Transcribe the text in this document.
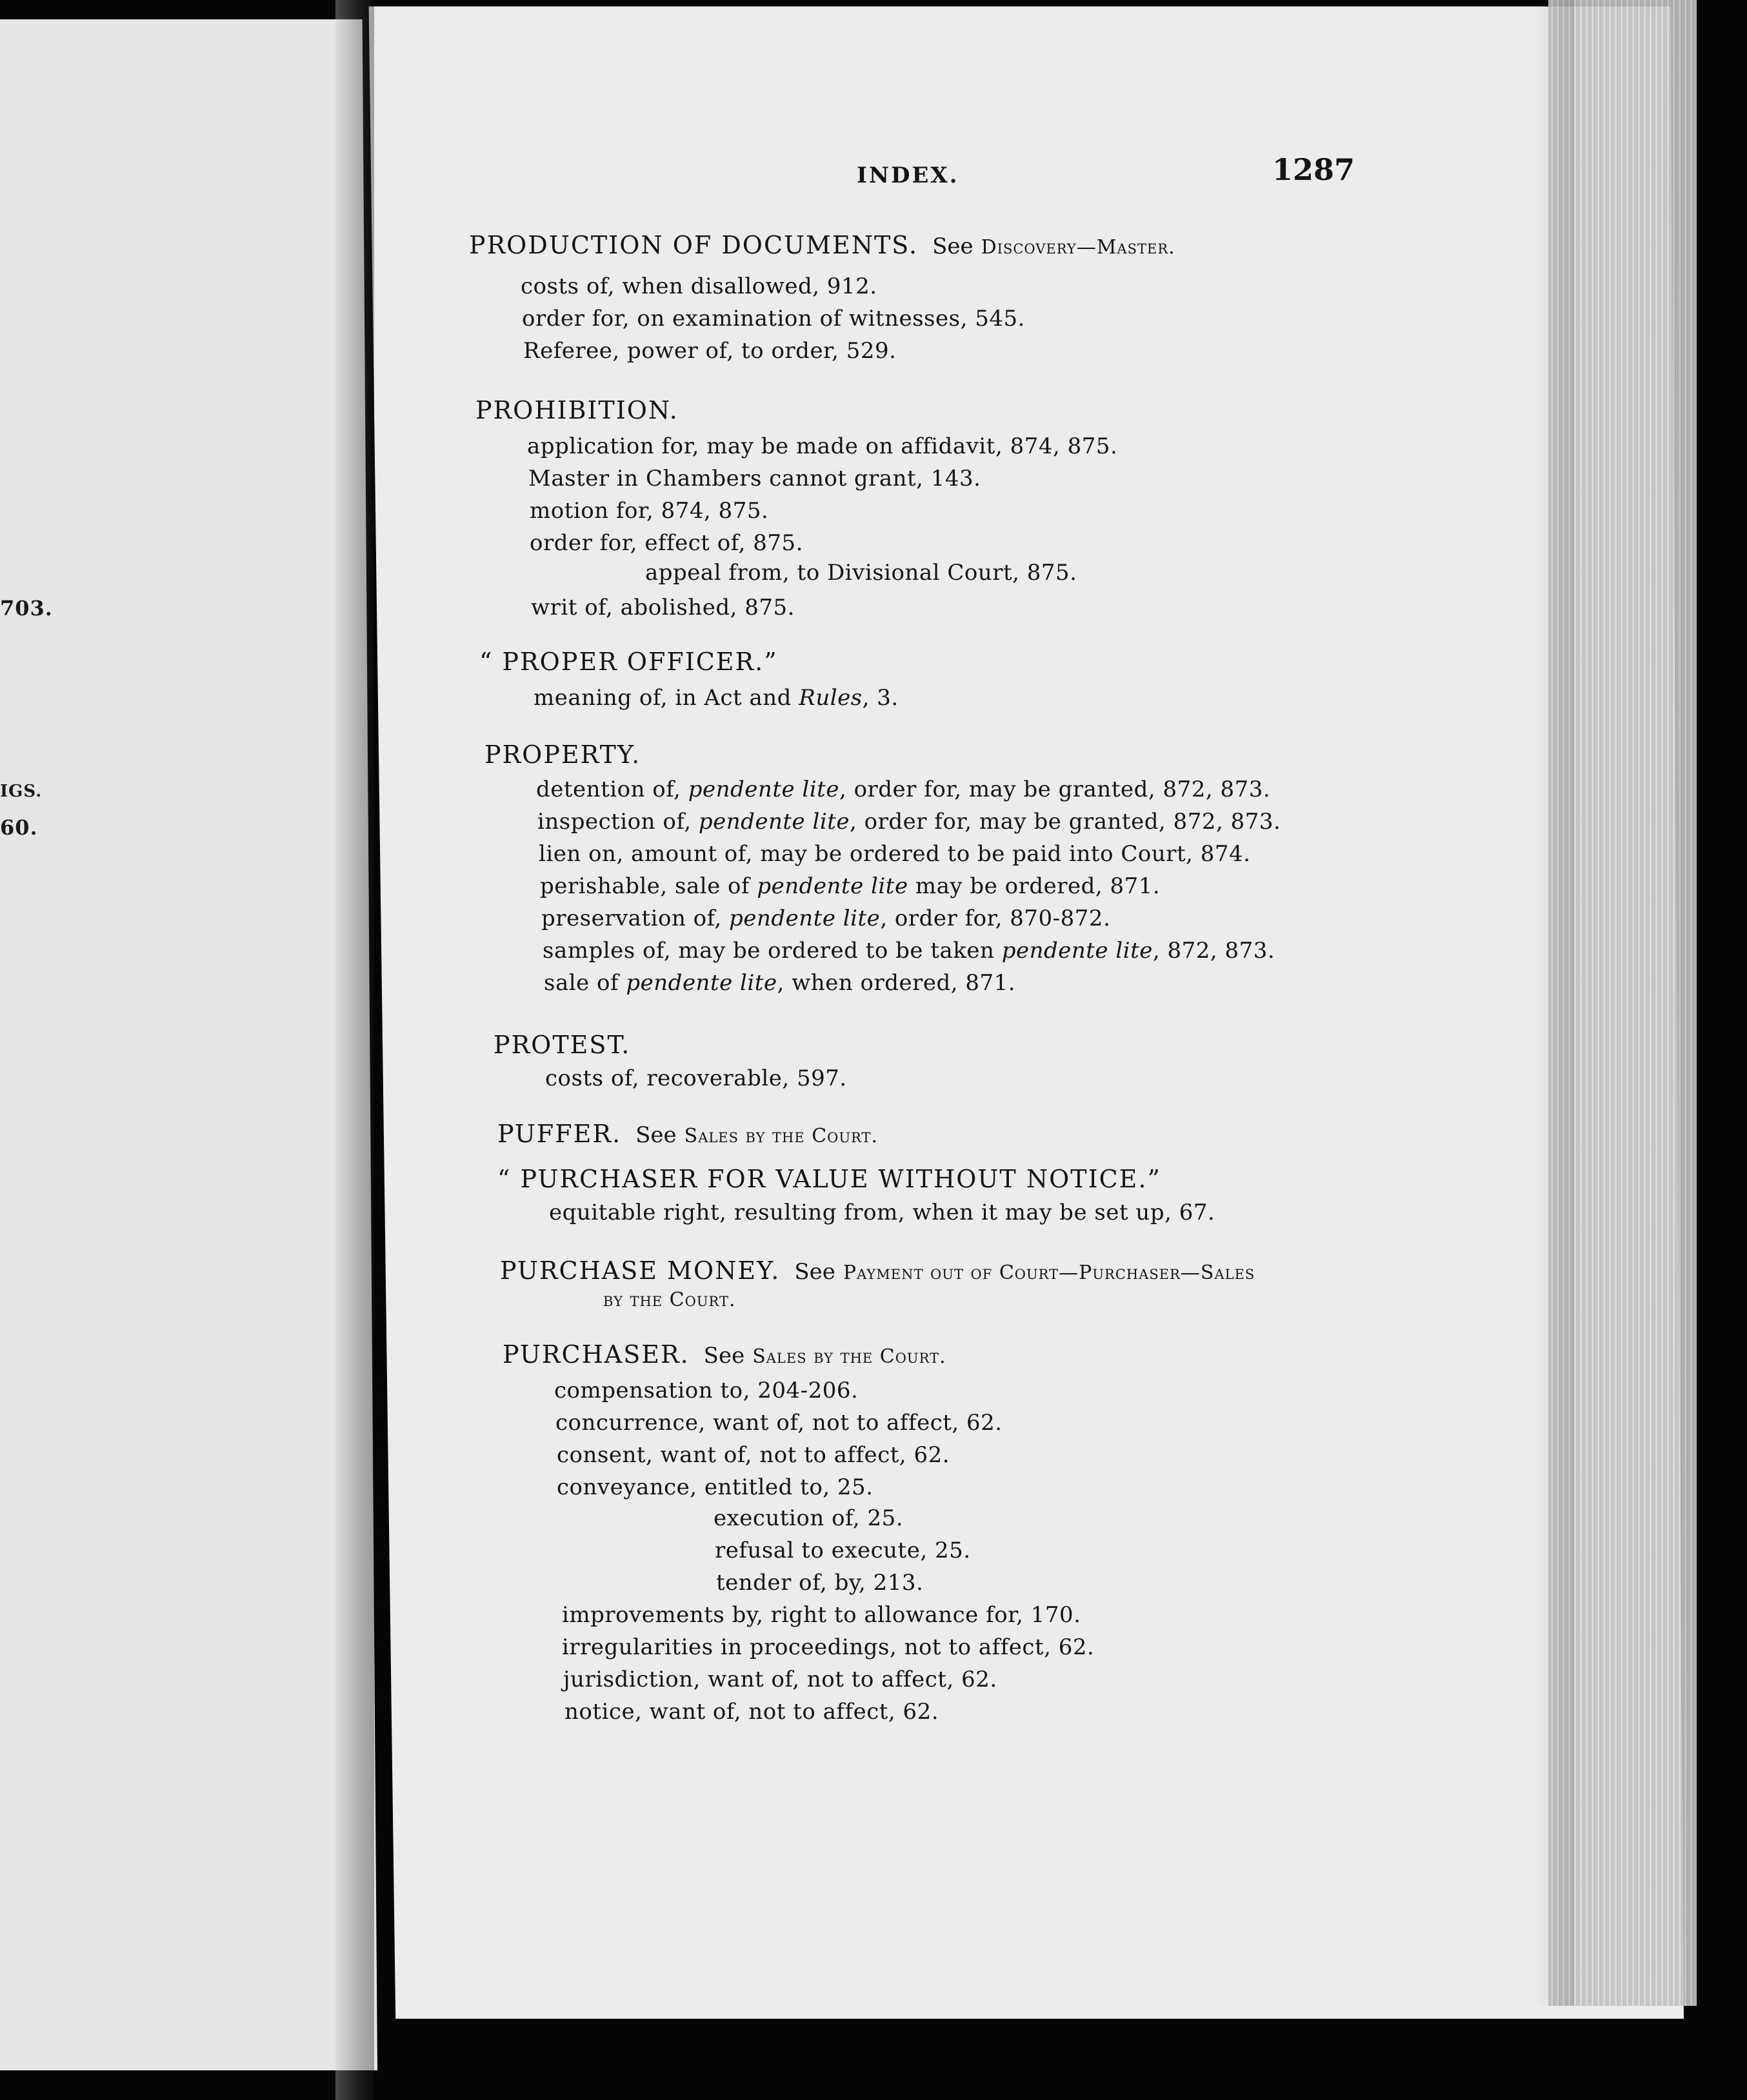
703.
IGS.
60.
INDEX.	1287
PRODUCTION OF DOCUMENTS. See Discovery—Master.
costs of, when disallowed, 912.
order for, on examination of witnesses, 545.
Referee, power of, to order, 529.
PROHIBITION.
application for, may be made on affidavit, 874, 875.
Master in Chambers cannot grant, 143.
motion for, 874, 875.
order for, effect of, 875.
appeal from, to Divisional Court, 875.
writ of, abolished, 875.
“ PROPER OFFICER.”
meaning of, in Act and Rules, 3.
PROPERTY.
detention of, pendente lite, order for, may be granted, 872, 873.
inspection of, pendente lite, order for, may be granted, 872, 873.
lien on, amount of, may be ordered to be paid into Court, 874.
perishable, sale of pendente lite may be ordered, 871.
preservation of, pendente lite, order for, 870-872.
samples of, may be ordered to be taken pendente lite, 872, 873.
sale of pendente lite, when ordered, 871.
PROTEST.
costs of, recoverable, 597.
PUFFER. See Sales by the Court.
“ PURCHASER FOR VALUE WITHOUT NOTICE.”
equitable right, resulting from, when it may be set up, 67.
PURCHASE MONEY. See Payment out of Court—Purchaser—Sales
by the Court.
PURCHASER. See Sales by the Court.
compensation to, 204-206.
concurrence, want of, not to affect, 62.
consent, want of, not to affect, 62.
conveyance, entitled to, 25.
execution of, 25.
refusal to execute, 25.
tender of, by, 213.
improvements by, right to allowance for, 170.
irregularities in proceedings, not to affect, 62.
jurisdiction, want of, not to affect, 62.
notice, want of, not to affect, 62.
